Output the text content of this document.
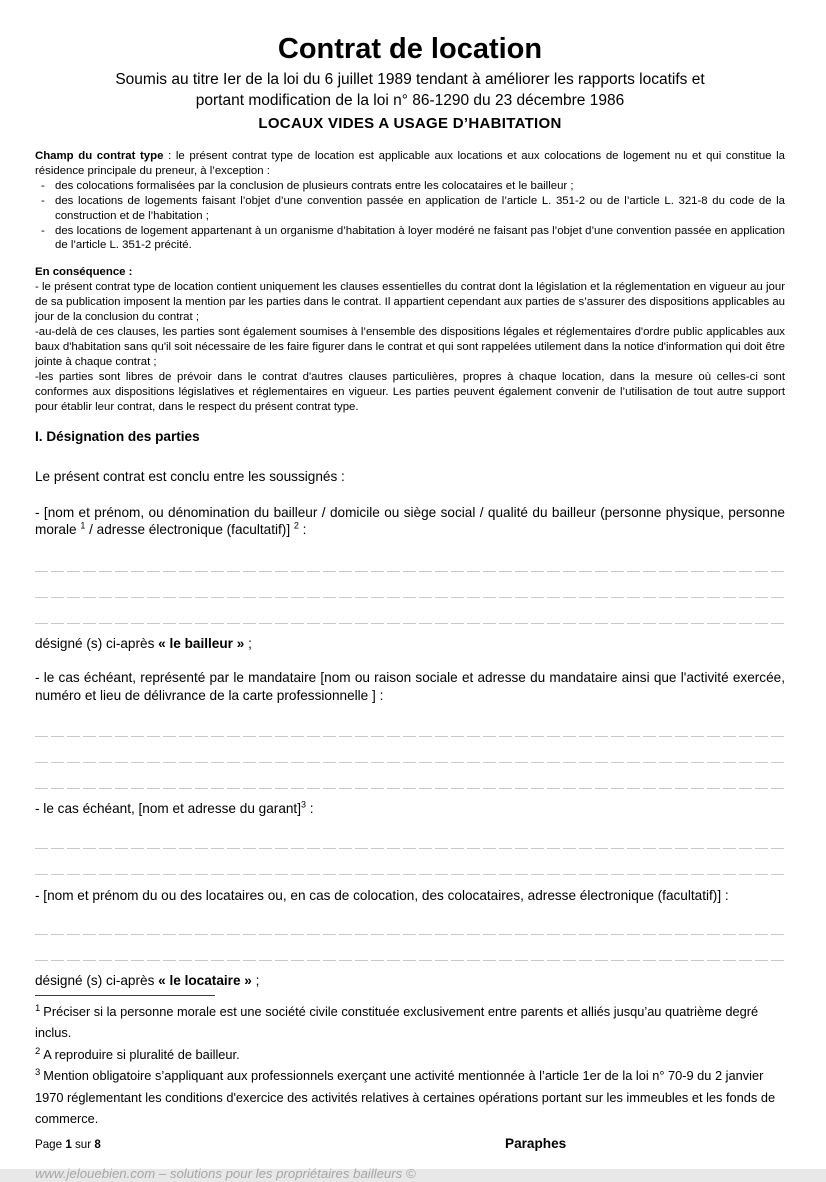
Contrat de location

Soumis au titre Ier de la loi du 6 juillet 1989 tendant à améliorer les rapports locatifs et

portant modification de la loi n° 86-1290 du 23 décembre 1986

LOCAUX VIDES A USAGE D’HABITATION

Champ du contrat type : le présent contrat type de location est applicable aux locations et aux colocations de logement nu et qui constitue la résidence principale du preneur, à l’exception :

- des colocations formalisées par la conclusion de plusieurs contrats entre les colocataires et le bailleur ;
- des locations de logements faisant l’objet d’une convention passée en application de l’article L. 351-2 ou de l’article L. 321-8 du code de la construction et de l’habitation ;
- des locations de logement appartenant à un organisme d’habitation à loyer modéré ne faisant pas l’objet d’une convention passée en application de l’article L. 351-2 précité.

En conséquence :

- le présent contrat type de location contient uniquement les clauses essentielles du contrat dont la législation et la réglementation en vigueur au jour de sa publication imposent la mention par les parties dans le contrat. Il appartient cependant aux parties de s’assurer des dispositions applicables au jour de la conclusion du contrat ;

-au-delà de ces clauses, les parties sont également soumises à l’ensemble des dispositions légales et réglementaires d'ordre public applicables aux baux d'habitation sans qu'il soit nécessaire de les faire figurer dans le contrat et qui sont rappelées utilement dans la notice d'information qui doit être jointe à chaque contrat ;

-les parties sont libres de prévoir dans le contrat d'autres clauses particulières, propres à chaque location, dans la mesure où celles-ci sont conformes aux dispositions législatives et réglementaires en vigueur. Les parties peuvent également convenir de l’utilisation de tout autre support pour établir leur contrat, dans le respect du présent contrat type.

I. Désignation des parties

Le présent contrat est conclu entre les soussignés :

- [nom et prénom, ou dénomination du bailleur / domicile ou siège social / qualité du bailleur (personne physique, personne morale $^1$ / adresse électronique (facultatif)] $^2$ :

désigné (s) ci-après « le bailleur » ;

- le cas échéant, représenté par le mandataire [nom ou raison sociale et adresse du mandataire ainsi que l'activité exercée, numéro et lieu de délivrance de la carte professionnelle ] :

- le cas échéant, [nom et adresse du garant]$^3$ :

- [nom et prénom du ou des locataires ou, en cas de colocation, des colocataires, adresse électronique (facultatif)] :

désigné (s) ci-après « le locataire » ;

$^1$ Préciser si la personne morale est une société civile constituée exclusivement entre parents et alliés jusqu’au quatrième degré inclus.

$^2$ A reproduire si pluralité de bailleur.

$^3$ Mention obligatoire s’appliquant aux professionnels exerçant une activité mentionnée à l’article 1er de la loi n° 70-9 du 2 janvier 1970 réglementant les conditions d'exercice des activités relatives à certaines opérations portant sur les immeubles et les fonds de commerce.

Page 1 sur 8	Paraphes

www.jelouebien.com – solutions pour les propriétaires bailleurs ©
